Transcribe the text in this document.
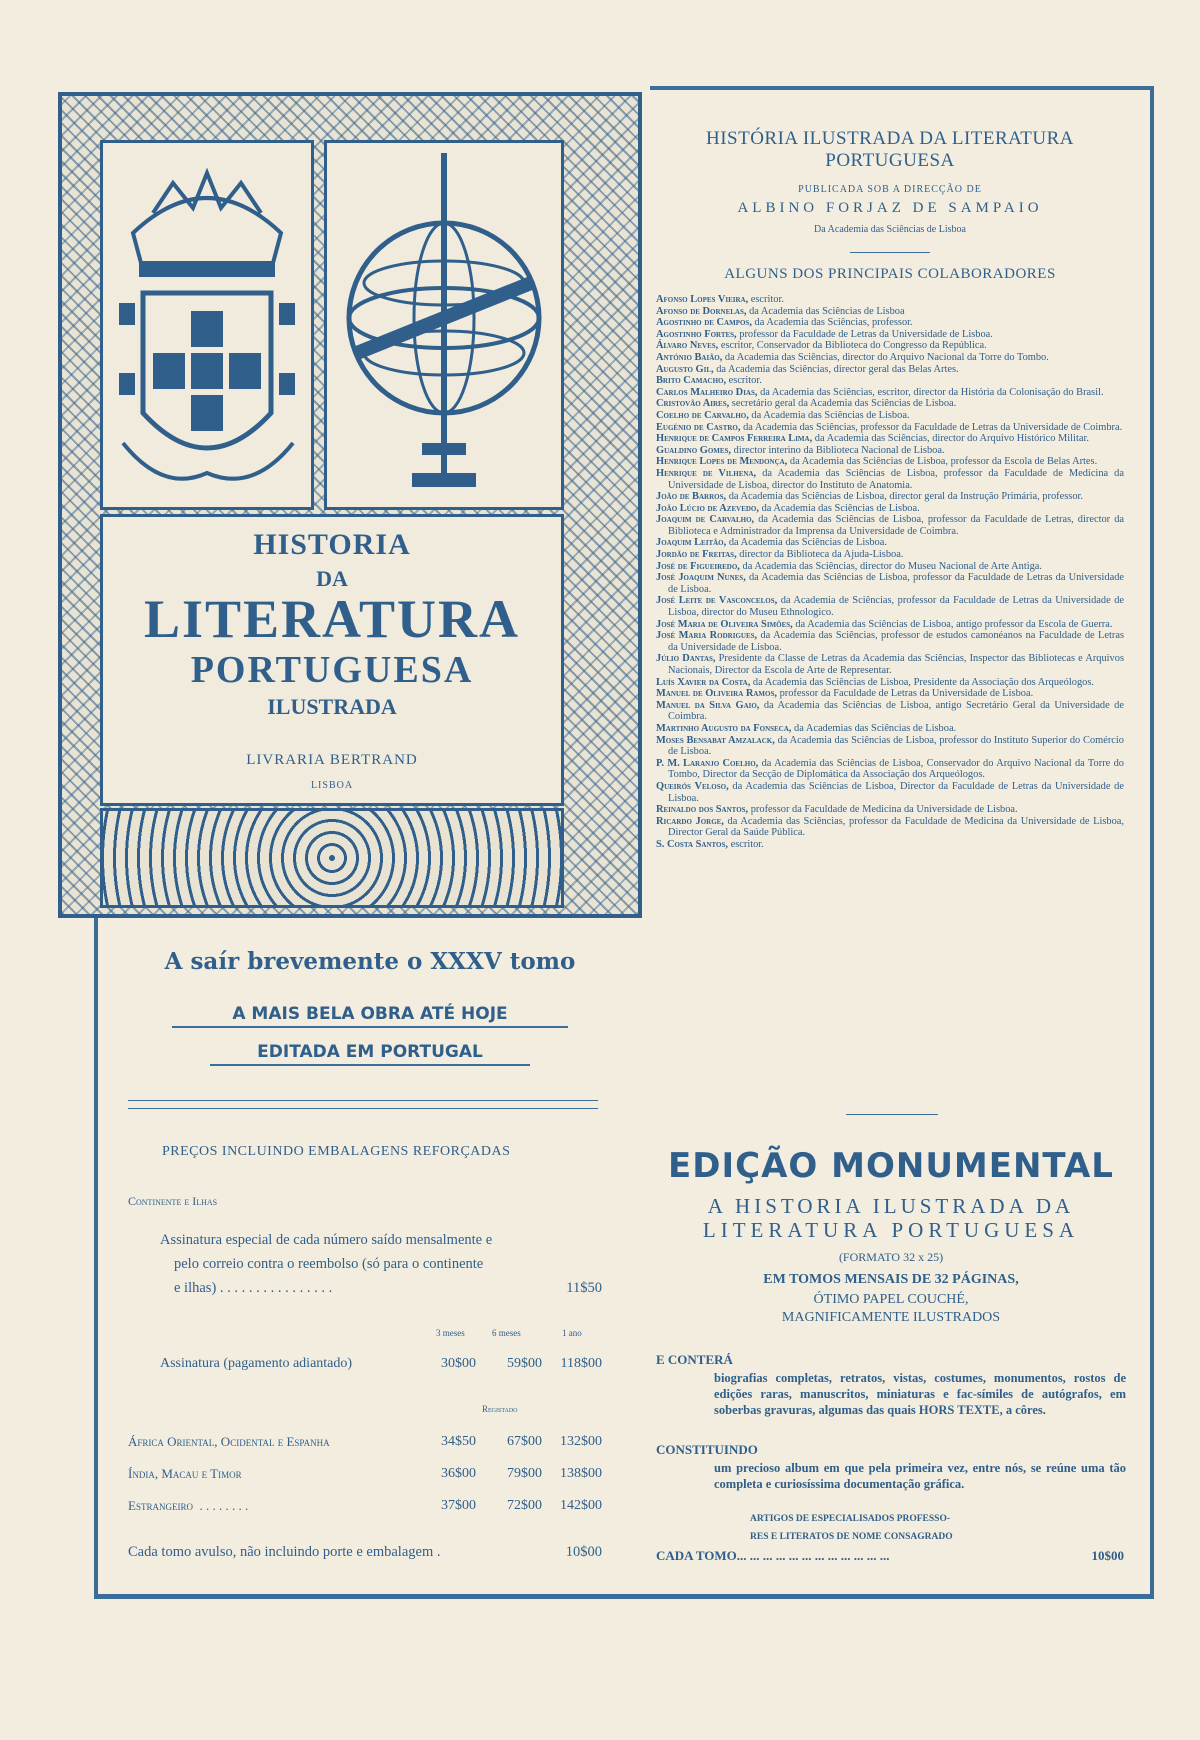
HISTORIA
DA
LITERATURA
PORTUGUESA
ILUSTRADA
LIVRARIA BERTRAND
LISBOA
HISTÓRIA ILUSTRADA DA LITERATURA
PORTUGUESA
PUBLICADA SOB A DIRECÇÃO DE
ALBINO FORJAZ DE SAMPAIO
Da Academia das Sciências de Lisboa
ALGUNS DOS PRINCIPAIS COLABORADORES

Afonso Lopes Vieira, escritor.

Afonso de Dornelas, da Academia das Sciências de Lisboa

Agostinho de Campos, da Academia das Sciências, professor.

Agostinho Fortes, professor da Faculdade de Letras da Universidade de Lisboa.

Álvaro Neves, escritor, Conservador da Biblioteca do Congresso da República.

António Baião, da Academia das Sciências, director do Arquivo Nacional da Torre do Tombo.

Augusto Gil, da Academia das Sciências, director geral das Belas Artes.

Brito Camacho, escritor.

Carlos Malheiro Dias, da Academia das Sciências, escritor, director da História da Colonisação do Brasil.

Cristovão Aires, secretário geral da Academia das Sciências de Lisboa.

Coelho de Carvalho, da Academia das Sciências de Lisboa.

Eugénio de Castro, da Academia das Sciências, professor da Faculdade de Letras da Universidade de Coimbra.

Henrique de Campos Ferreira Lima, da Academia das Sciências, director do Arquivo Histórico Militar.

Gualdino Gomes, director interino da Biblioteca Nacional de Lisboa.

Henrique Lopes de Mendonça, da Academia das Sciências de Lisboa, professor da Escola de Belas Artes.

Henrique de Vilhena, da Academia das Sciências de Lisboa, professor da Faculdade de Medicina da Universidade de Lisboa, director do Instituto de Anatomia.

João de Barros, da Academia das Sciências de Lisboa, director geral da Instrução Primária, professor.

João Lúcio de Azevedo, da Academia das Sciências de Lisboa.

Joaquim de Carvalho, da Academia das Sciências de Lisboa, professor da Faculdade de Letras, director da Biblioteca e Administrador da Imprensa da Universidade de Coimbra.

Joaquim Leitão, da Academia das Sciências de Lisboa.

Jordão de Freitas, director da Biblioteca da Ajuda-Lisboa.

José de Figueiredo, da Academia das Sciências, director do Museu Nacional de Arte Antiga.

José Joaquim Nunes, da Academia das Sciências de Lisboa, professor da Faculdade de Letras da Universidade de Lisboa.

José Leite de Vasconcelos, da Academia de Sciências, professor da Faculdade de Letras da Universidade de Lisboa, director do Museu Ethnologico.

José Maria de Oliveira Simões, da Academia das Sciências de Lisboa, antigo professor da Escola de Guerra.

José Maria Rodrigues, da Academia das Sciências, professor de estudos camonéanos na Faculdade de Letras da Universidade de Lisboa.

Júlio Dantas, Presidente da Classe de Letras da Academia das Sciências, Inspector das Bibliotecas e Arquivos Nacionais, Director da Escola de Arte de Representar.

Luís Xavier da Costa, da Academia das Sciências de Lisboa, Presidente da Associação dos Arqueólogos.

Manuel de Oliveira Ramos, professor da Faculdade de Letras da Universidade de Lisboa.

Manuel da Silva Gaio, da Academia das Sciências de Lisboa, antigo Secretário Geral da Universidade de Coimbra.

Martinho Augusto da Fonseca, da Academias das Sciências de Lisboa.

Moses Bensabat Amzalack, da Academia das Sciências de Lisboa, professor do Instituto Superior do Comércio de Lisboa.

P. M. Laranjo Coelho, da Academia das Sciências de Lisboa, Conservador do Arquivo Nacional da Torre do Tombo, Director da Secção de Diplomática da Associação dos Arqueólogos.

Queirós Veloso, da Academia das Sciências de Lisboa, Director da Faculdade de Letras da Universidade de Lisboa.

Reinaldo dos Santos, professor da Faculdade de Medicina da Universidade de Lisboa.

Ricardo Jorge, da Academia das Sciências, professor da Faculdade de Medicina da Universidade de Lisboa, Director Geral da Saúde Pública.

S. Costa Santos, escritor.

EDIÇÃO MONUMENTAL
A HISTORIA ILUSTRADA DA
LITERATURA PORTUGUESA
(FORMATO 32 x 25)
EM TOMOS MENSAIS DE 32 PÁGINAS,
ÓTIMO PAPEL COUCHÉ,
MAGNIFICAMENTE ILUSTRADOS
E CONTERÁ
biografias completas, retratos, vistas, costumes, monumentos, rostos de edições raras, manuscritos, miniaturas e fac-símiles de autógrafos, em soberbas gravuras, algumas das quais HORS TEXTE, a côres.
CONSTITUINDO
um precioso album em que pela primeira vez, entre nós, se reúne uma tão completa e curiosíssima documentação gráfica.
ARTIGOS DE ESPECIALISADOS PROFESSO-
RES E LITERATOS DE NOME CONSAGRADO
CADA TOMO... ... ... ... ... ... ... ... ... ... ... ...	10$00
A saír brevemente o XXXV tomo
A MAIS BELA OBRA ATÉ HOJE
EDITADA EM PORTUGAL
PREÇOS INCLUINDO EMBALAGENS REFORÇADAS
Continente e Ilhas
Assinatura especial de cada número saído mensalmente e
pelo correio contra o reembolso (só para o continente
e ilhas) . . . . . . . . . . . . . . . .	11$50
3 meses	6 meses	1 ano
Assinatura (pagamento adiantado)	30$00	59$00	118$00
Registado
África Oriental, Ocidental e Espanha	34$50	67$00	132$00
Índia, Macau e Timor	36$00	79$00	138$00
Estrangeiro  . . . . . . . .	37$00	72$00	142$00
Cada tomo avulso, não incluindo porte e embalagem .	10$00
